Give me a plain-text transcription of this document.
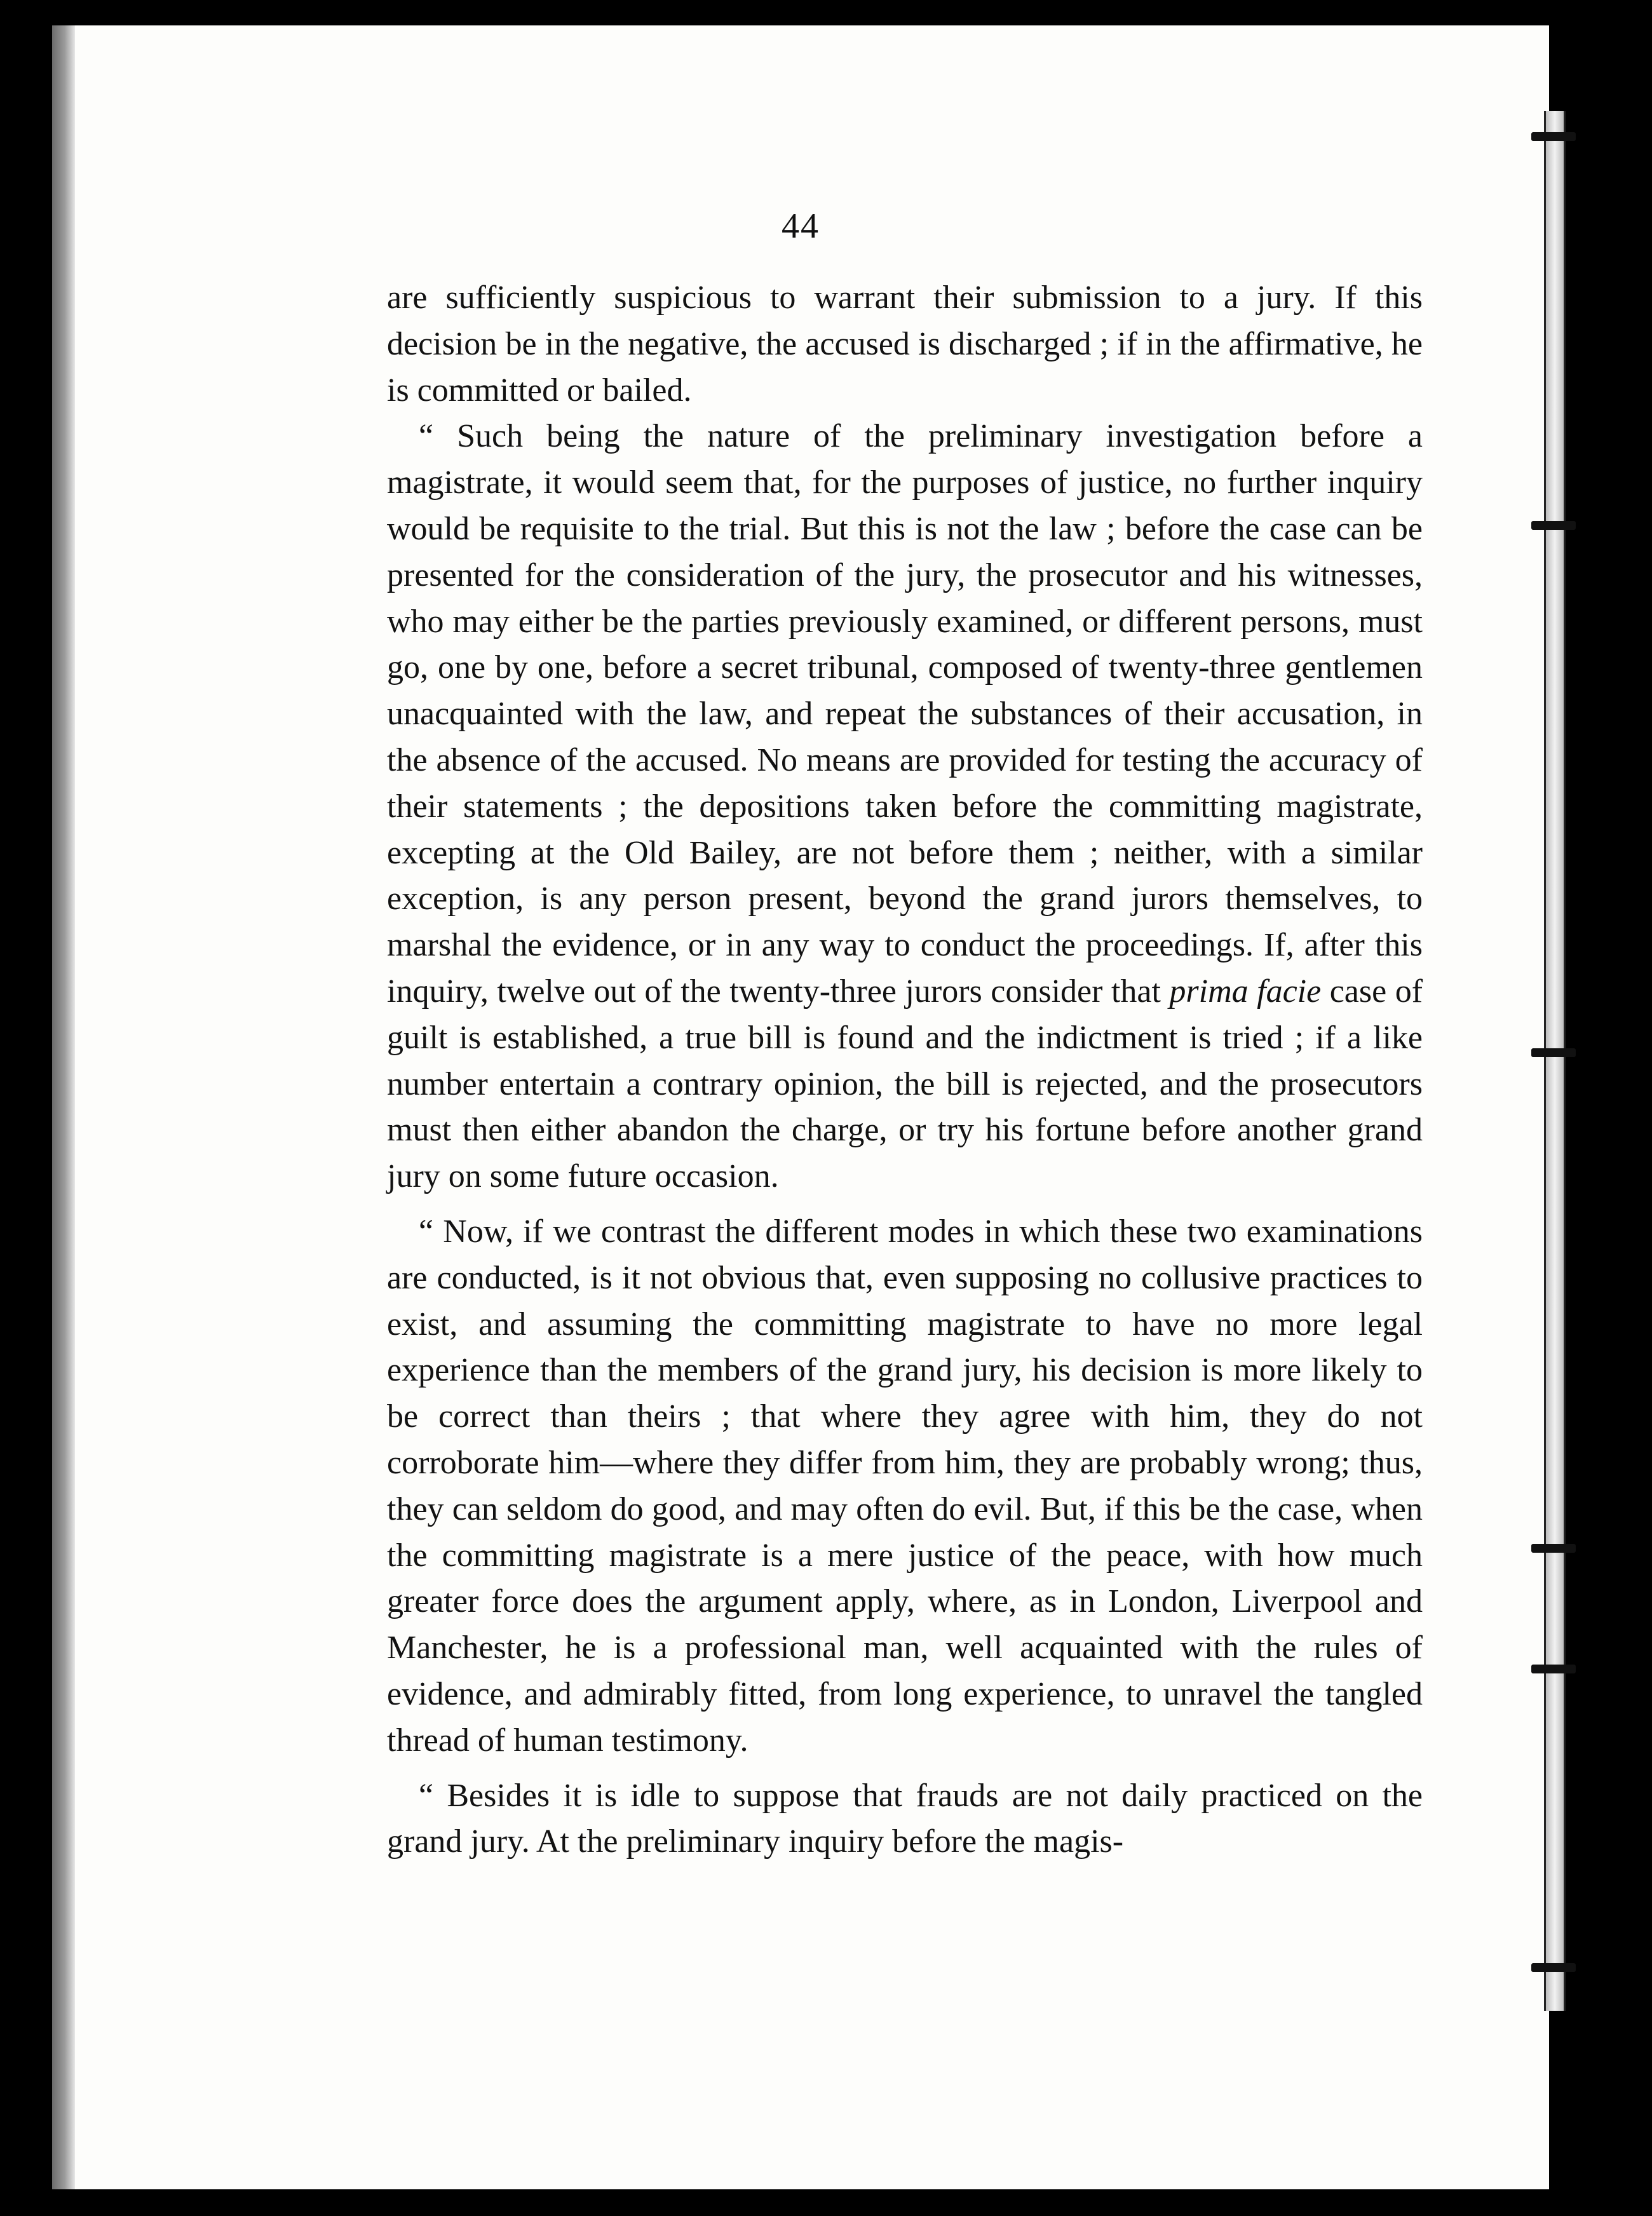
44

are sufficiently suspicious to warrant their submission to a jury. If this decision be in the negative, the accused is discharged ; if in the affirmative, he is committed or bailed.

“ Such being the nature of the preliminary investigation before a magistrate, it would seem that, for the purposes of justice, no further inquiry would be requisite to the trial. But this is not the law ; before the case can be presented for the consideration of the jury, the prosecutor and his witnesses, who may either be the parties previously examined, or different persons, must go, one by one, before a secret tribunal, composed of twenty-three gentlemen unacquainted with the law, and repeat the substances of their accusation, in the absence of the accused. No means are provided for testing the accuracy of their statements ; the depositions taken before the committing magistrate, excepting at the Old Bailey, are not before them ; neither, with a similar exception, is any person present, beyond the grand jurors themselves, to marshal the evidence, or in any way to conduct the proceedings. If, after this inquiry, twelve out of the twenty-three jurors consider that prima facie case of guilt is established, a true bill is found and the indictment is tried ; if a like number entertain a contrary opinion, the bill is rejected, and the prosecutors must then either abandon the charge, or try his fortune before another grand jury on some future occasion.

“ Now, if we contrast the different modes in which these two examinations are conducted, is it not obvious that, even supposing no collusive practices to exist, and assuming the committing magistrate to have no more legal experience than the members of the grand jury, his decision is more likely to be correct than theirs ; that where they agree with him, they do not corroborate him—where they differ from him, they are probably wrong; thus, they can seldom do good, and may often do evil. But, if this be the case, when the committing magistrate is a mere justice of the peace, with how much greater force does the argument apply, where, as in London, Liverpool and Manchester, he is a professional man, well acquainted with the rules of evidence, and admirably fitted, from long experience, to unravel the tangled thread of human testimony.

“ Besides it is idle to suppose that frauds are not daily practiced on the grand jury. At the preliminary inquiry before the magis-
